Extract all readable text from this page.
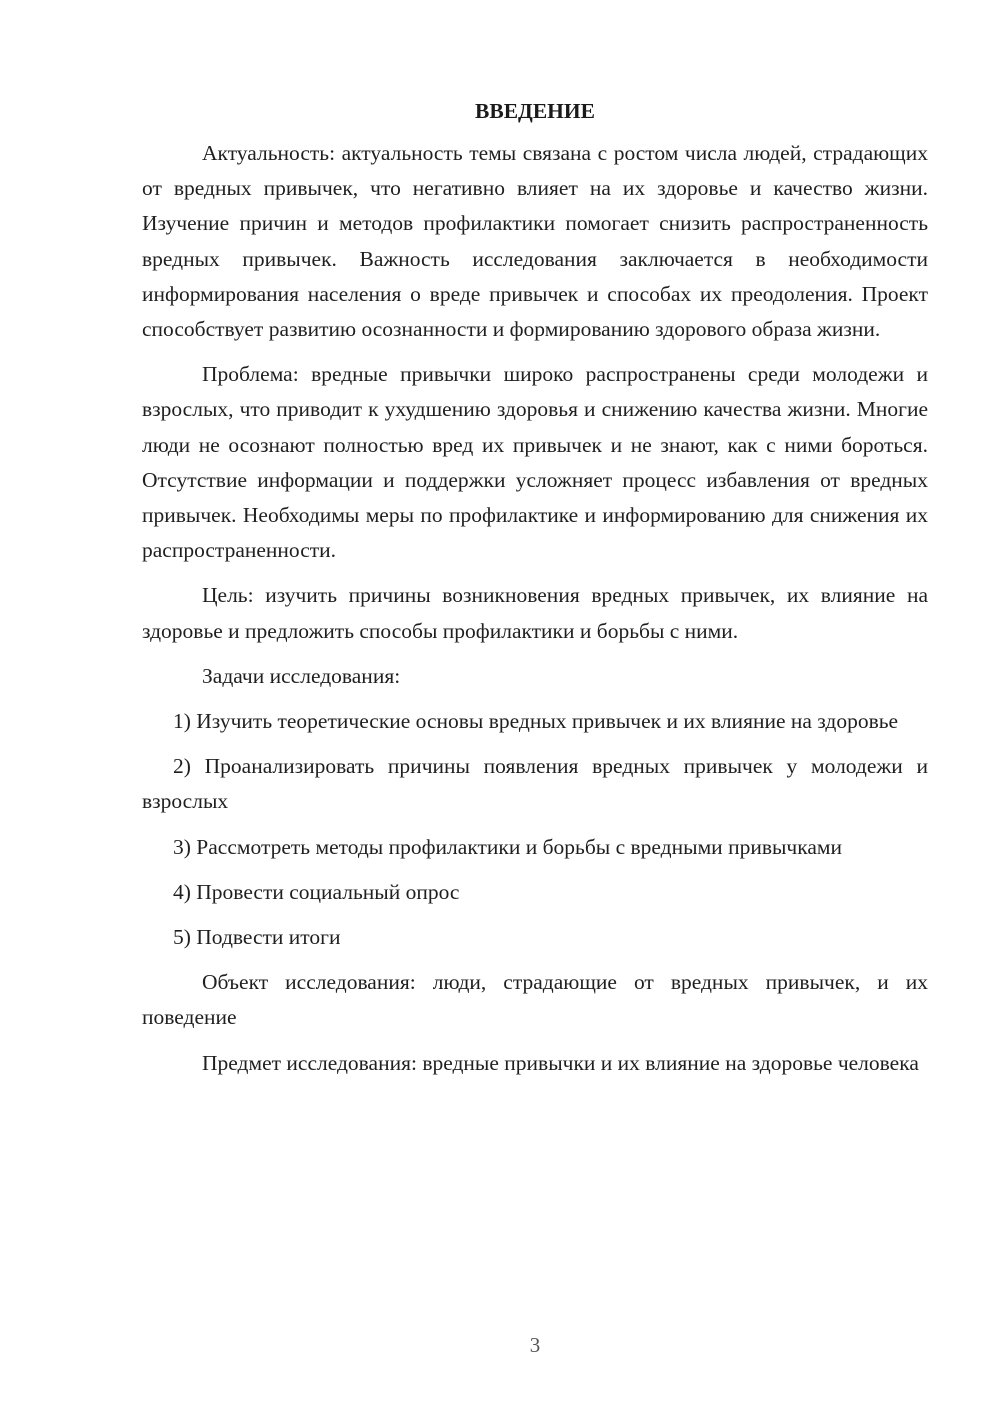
ВВЕДЕНИЕ

Актуальность: актуальность темы связана с ростом числа людей, страдающих от вредных привычек, что негативно влияет на их здоровье и качество жизни. Изучение причин и методов профилактики помогает снизить распространенность вредных привычек. Важность исследования заключается в необходимости информирования населения о вреде привычек и способах их преодоления. Проект способствует развитию осознанности и формированию здорового образа жизни.

Проблема: вредные привычки широко распространены среди молодежи и взрослых, что приводит к ухудшению здоровья и снижению качества жизни. Многие люди не осознают полностью вред их привычек и не знают, как с ними бороться. Отсутствие информации и поддержки усложняет процесс избавления от вредных привычек. Необходимы меры по профилактике и информированию для снижения их распространенности.

Цель: изучить причины возникновения вредных привычек, их влияние на здоровье и предложить способы профилактики и борьбы с ними.

Задачи исследования:

1) Изучить теоретические основы вредных привычек и их влияние на здоровье

2) Проанализировать причины появления вредных привычек у молодежи и взрослых

3) Рассмотреть методы профилактики и борьбы с вредными привычками

4) Провести социальный опрос

5) Подвести итоги

Объект исследования: люди, страдающие от вредных привычек, и их поведение

Предмет исследования: вредные привычки и их влияние на здоровье человека

3
